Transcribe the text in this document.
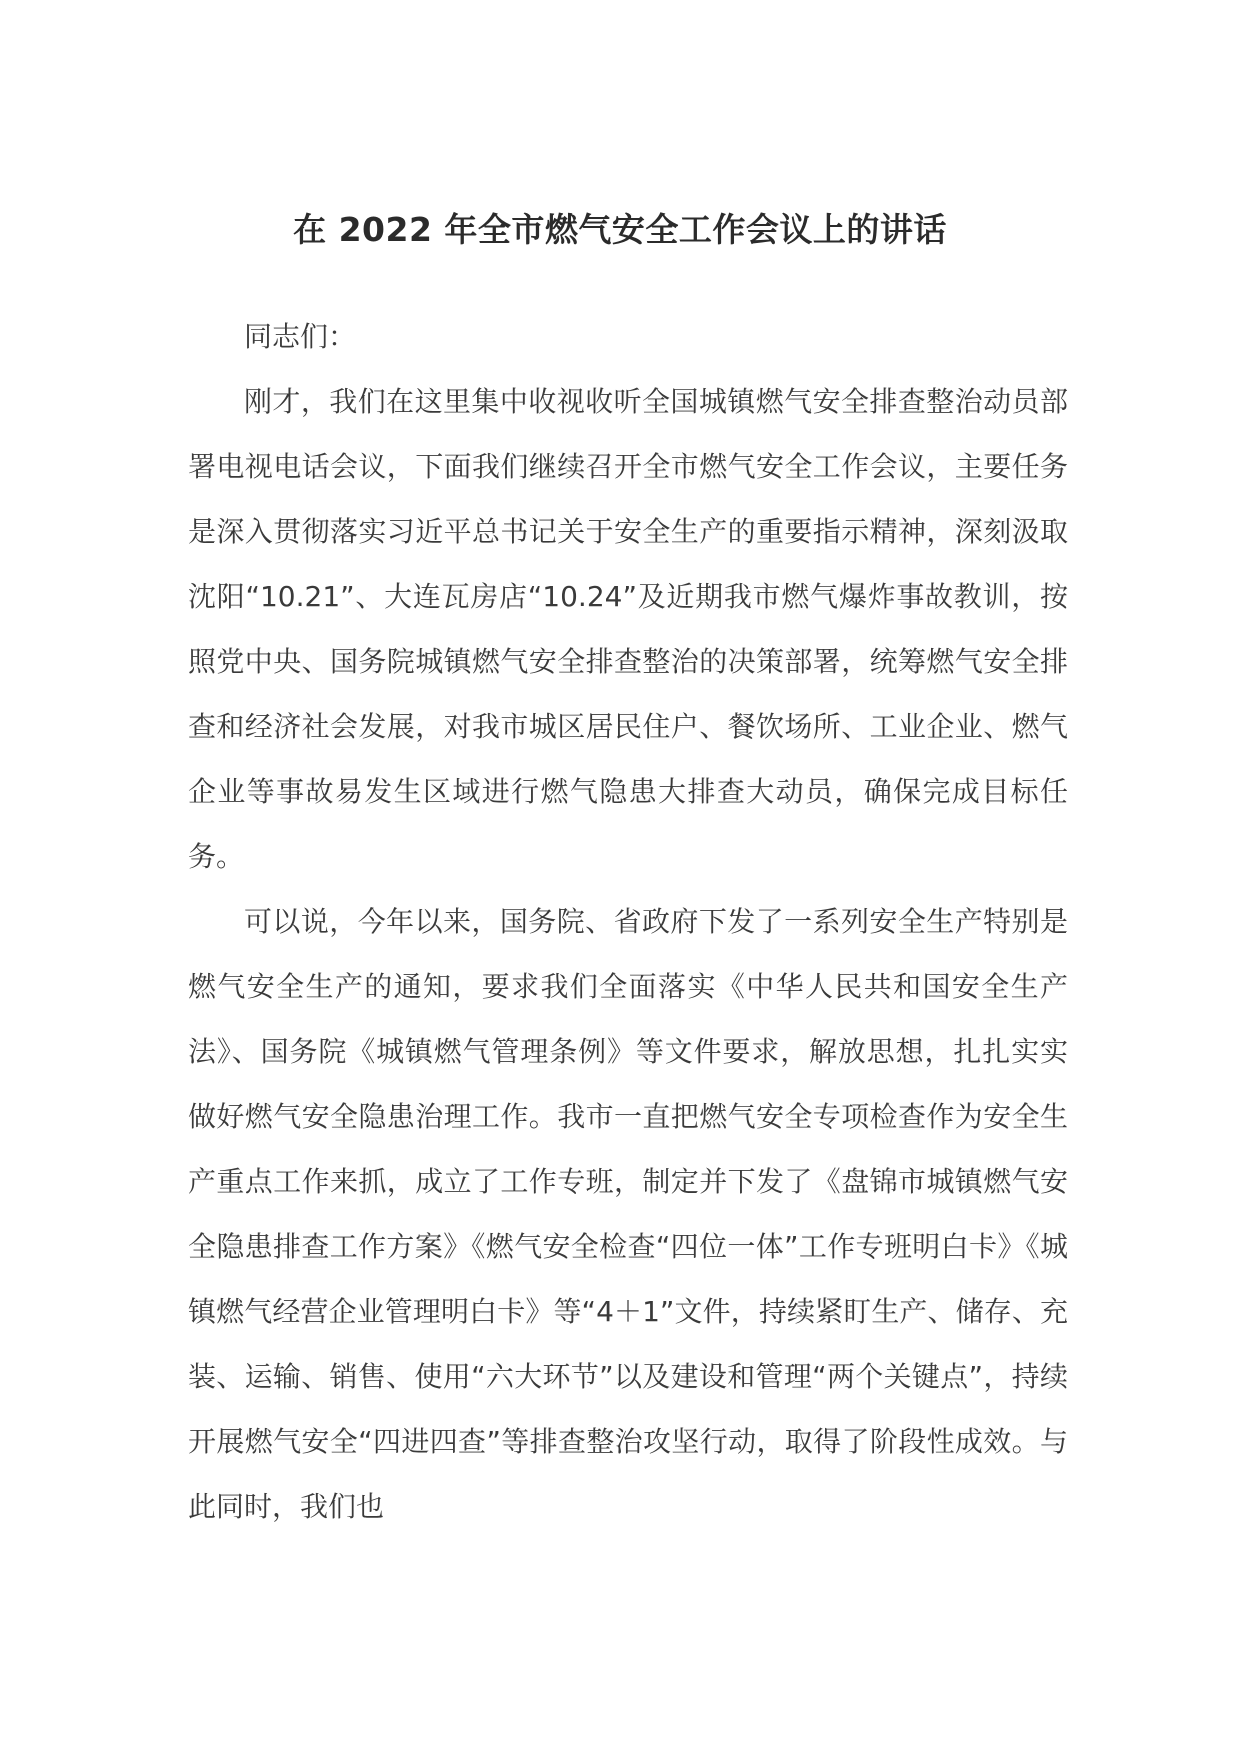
在 2022 年全市燃气安全工作会议上的讲话

同志们：

刚才，我们在这里集中收视收听全国城镇燃气安全排查整治动员部署电视电话会议，下面我们继续召开全市燃气安全工作会议，主要任务是深入贯彻落实习近平总书记关于安全生产的重要指示精神，深刻汲取沈阳“10.21”、大连瓦房店“10.24”及近期我市燃气爆炸事故教训，按照党中央、国务院城镇燃气安全排查整治的决策部署，统筹燃气安全排查和经济社会发展，对我市城区居民住户、餐饮场所、工业企业、燃气企业等事故易发生区域进行燃气隐患大排查大动员，确保完成目标任务。

可以说，今年以来，国务院、省政府下发了一系列安全生产特别是燃气安全生产的通知，要求我们全面落实《中华人民共和国安全生产法》、国务院《城镇燃气管理条例》等文件要求，解放思想，扎扎实实做好燃气安全隐患治理工作。我市一直把燃气安全专项检查作为安全生产重点工作来抓，成立了工作专班，制定并下发了《盘锦市城镇燃气安全隐患排查工作方案》《燃气安全检查“四位一体”工作专班明白卡》《城镇燃气经营企业管理明白卡》等“4＋1”文件，持续紧盯生产、储存、充装、运输、销售、使用“六大环节”以及建设和管理“两个关键点”，持续开展燃气安全“四进四查”等排查整治攻坚行动，取得了阶段性成效。与此同时，我们也
